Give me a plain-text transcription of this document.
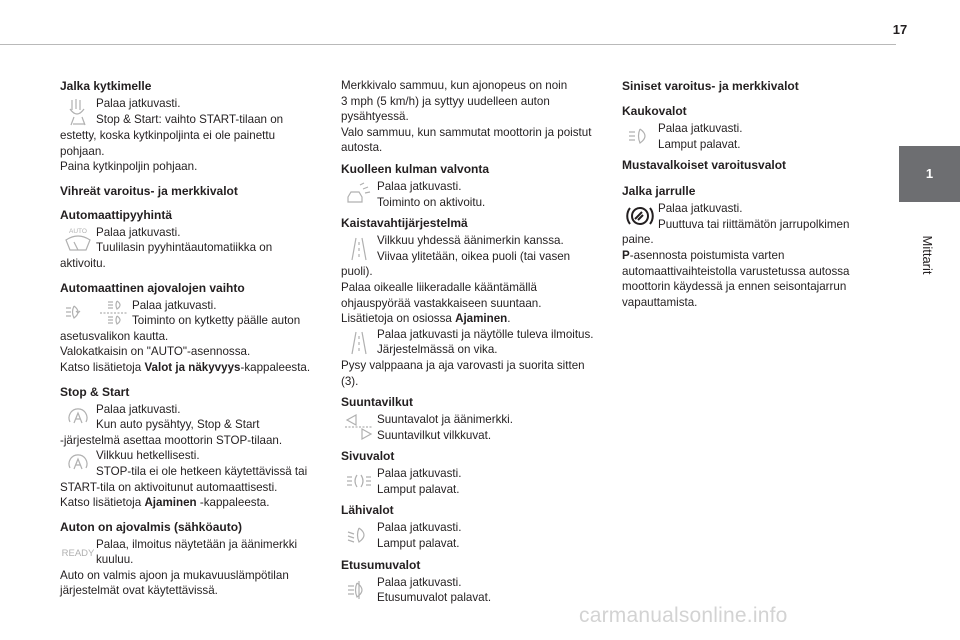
17
1
Mittarit
Jalka kytkimelle

Palaa jatkuvasti.

Stop & Start: vaihto START-tilaan on

estetty, koska kytkinpoljinta ei ole painettu

pohjaan.

Paina kytkinpoljin pohjaan.

Vihreät varoitus- ja merkkivalot
Automaattipyyhintä
AUTO Palaa jatkuvasti.

Tuulilasin pyyhintäautomatiikka on

aktivoitu.

Automaattinen ajovalojen vaihto

Palaa jatkuvasti.

Toiminto on kytketty päälle auton

asetusvalikon kautta.

Valokatkaisin on "AUTO"-asennossa.

Katso lisätietoja Valot ja näkyvyys-kappaleesta.

Stop & Start

Palaa jatkuvasti.

Kun auto pysähtyy, Stop & Start

-järjestelmä asettaa moottorin STOP-tilaan.

Vilkkuu hetkellisesti.

STOP-tila ei ole hetkeen käytettävissä tai

START-tila on aktivoitunut automaattisesti.

Katso lisätietoja Ajaminen -kappaleesta.

Auton on ajovalmis (sähköauto)
READY

Palaa, ilmoitus näytetään ja äänimerkki

kuuluu.

Auto on valmis ajoon ja mukavuuslämpötilan

järjestelmät ovat käytettävissä.

Merkkivalo sammuu, kun ajonopeus on noin

3 mph (5 km/h) ja syttyy uudelleen auton

pysähtyessä.

Valo sammuu, kun sammutat moottorin ja poistut

autosta.

Kuolleen kulman valvonta

Palaa jatkuvasti.

Toiminto on aktivoitu.

Kaistavahtijärjestelmä

Vilkkuu yhdessä äänimerkin kanssa.

Viivaa ylitetään, oikea puoli (tai vasen

puoli).

Palaa oikealle liikeradalle kääntämällä

ohjauspyörää vastakkaiseen suuntaan.

Lisätietoja on osiossa Ajaminen.

Palaa jatkuvasti ja näytölle tuleva ilmoitus.

Järjestelmässä on vika.

Pysy valppaana ja aja varovasti ja suorita sitten

(3).

Suuntavilkut

Suuntavalot ja äänimerkki.

Suuntavilkut vilkkuvat.

Sivuvalot

Palaa jatkuvasti.

Lamput palavat.

Lähivalot

Palaa jatkuvasti.

Lamput palavat.

Etusumuvalot

Palaa jatkuvasti.

Etusumuvalot palavat.

Siniset varoitus- ja merkkivalot
Kaukovalot

Palaa jatkuvasti.

Lamput palavat.

Mustavalkoiset varoitusvalot
Jalka jarrulle

Palaa jatkuvasti.

Puuttuva tai riittämätön jarrupolkimen

paine.

P-asennosta poistumista varten

automaattivaihteistolla varustetussa autossa

moottorin käydessä ja ennen seisontajarrun

vapauttamista.

carmanualsonline.info
